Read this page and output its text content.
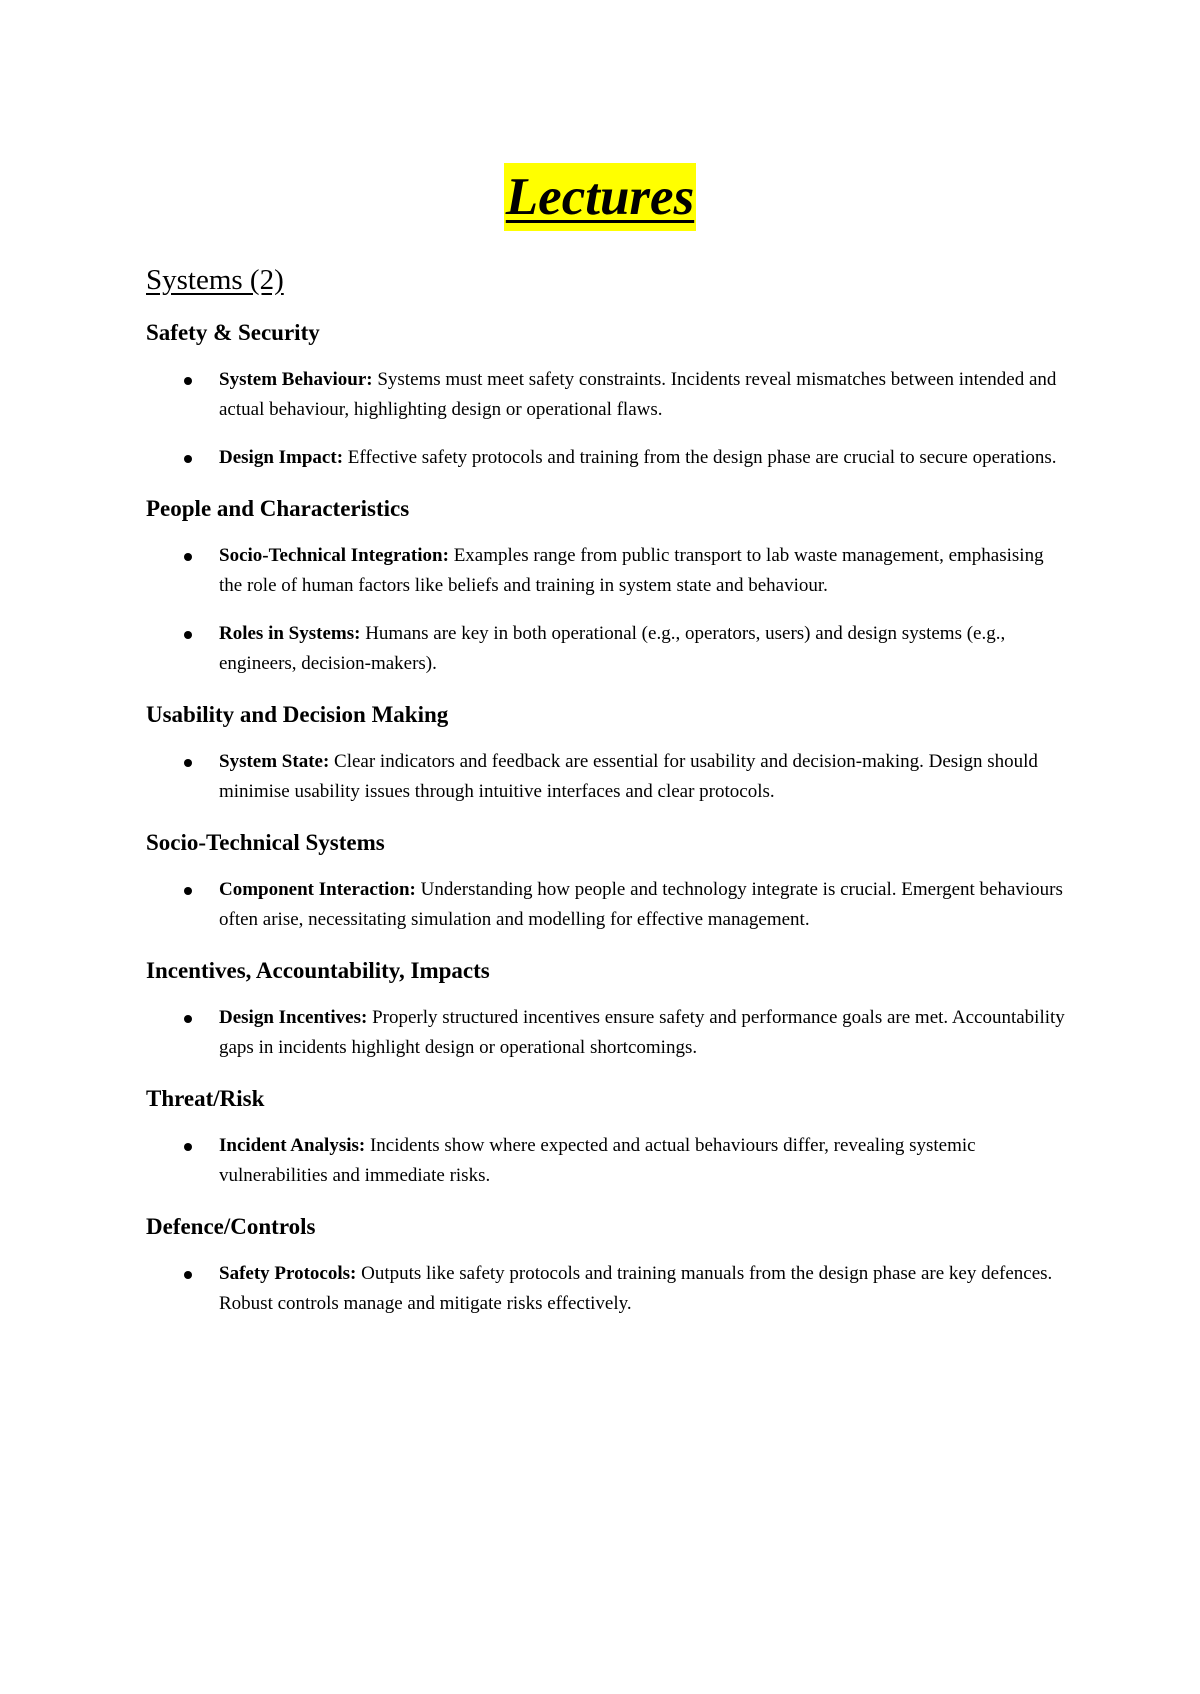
Lectures
Systems (2)
Safety & Security
System Behaviour: Systems must meet safety constraints. Incidents reveal mismatches between intended and actual behaviour, highlighting design or operational flaws.
Design Impact: Effective safety protocols and training from the design phase are crucial to secure operations.
People and Characteristics
Socio-Technical Integration: Examples range from public transport to lab waste management, emphasising the role of human factors like beliefs and training in system state and behaviour.
Roles in Systems: Humans are key in both operational (e.g., operators, users) and design systems (e.g., engineers, decision-makers).
Usability and Decision Making
System State: Clear indicators and feedback are essential for usability and decision-making. Design should minimise usability issues through intuitive interfaces and clear protocols.
Socio-Technical Systems
Component Interaction: Understanding how people and technology integrate is crucial. Emergent behaviours often arise, necessitating simulation and modelling for effective management.
Incentives, Accountability, Impacts
Design Incentives: Properly structured incentives ensure safety and performance goals are met. Accountability gaps in incidents highlight design or operational shortcomings.
Threat/Risk
Incident Analysis: Incidents show where expected and actual behaviours differ, revealing systemic vulnerabilities and immediate risks.
Defence/Controls
Safety Protocols: Outputs like safety protocols and training manuals from the design phase are key defences. Robust controls manage and mitigate risks effectively.
